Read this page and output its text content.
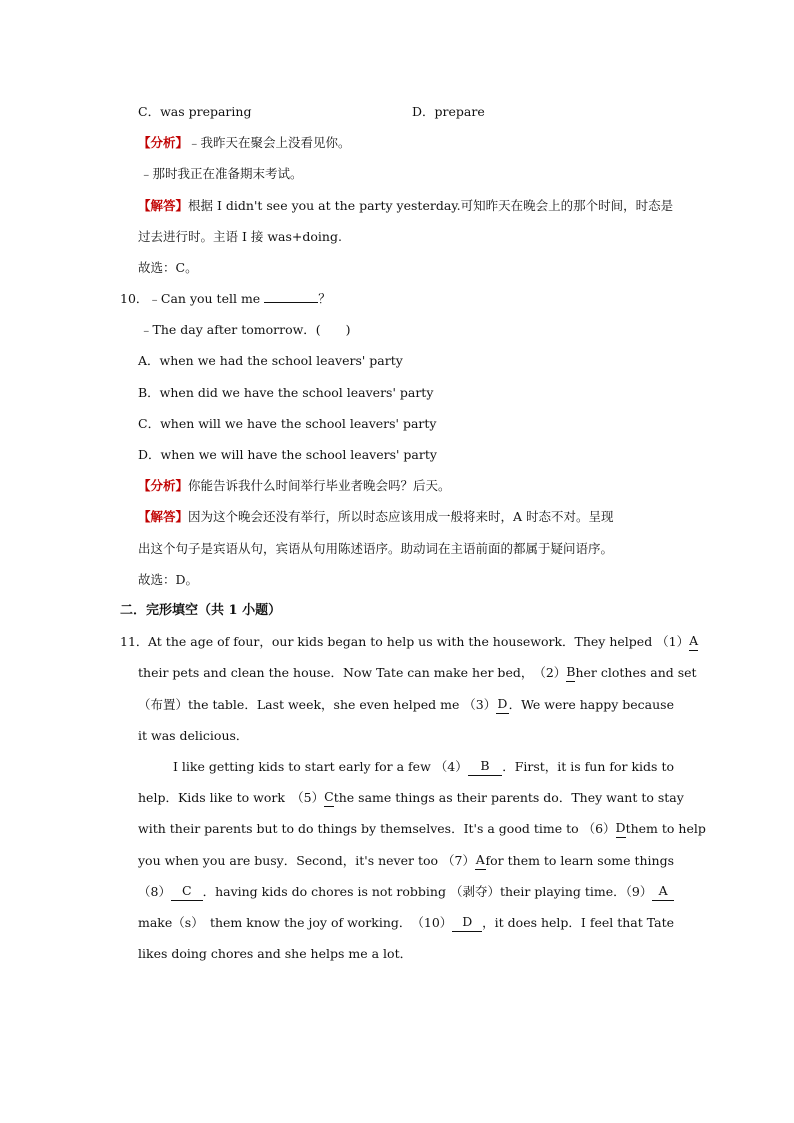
C．was preparing	D．prepare
【分析】﹣我昨天在聚会上没看见你。
﹣那时我正在准备期末考试。
【解答】根据 I didn't see you at the party yesterday.可知昨天在晚会上的那个时间，时态是
过去进行时。主语 I 接 was+doing.
故选：C。
10．﹣Can you tell me	？
﹣The day after tomorrow．(　　)
A．when we had the school leavers' party
B．when did we have the school leavers' party
C．when will we have the school leavers' party
D．when we will have the school leavers' party
【分析】你能告诉我什么时间举行毕业者晚会吗？后天。
【解答】因为这个晚会还没有举行，所以时态应该用成一般将来时，A 时态不对。呈现
出这个句子是宾语从句，宾语从句用陈述语序。助动词在主语前面的都属于疑问语序。
故选：D。
二．完形填空（共 1 小题）
11． At the age of four，our kids began to help us with the housework．They helped （1） A
their pets and clean the house．Now Tate can make her bed，　（2） B her clothes and set
（布置）the table．Last week，she even helped me （3） D ．We were happy because
it was delicious．
I like getting kids to start early for a few （4）	B	．First，it is fun for kids to
help．Kids like to work　（5） C the same things as their parents do．They want to stay
with their parents but to do things by themselves．It's a good time to （6） D them to help
you when you are busy．Second，it's never too （7） A for them to learn some things
（8） C ．having kids do chores is not robbing （剥夺）their playing time．（9） A
make（s）　them know the joy of working．　（10） D ，it does help．I feel that Tate
likes doing chores and she helps me a lot．
